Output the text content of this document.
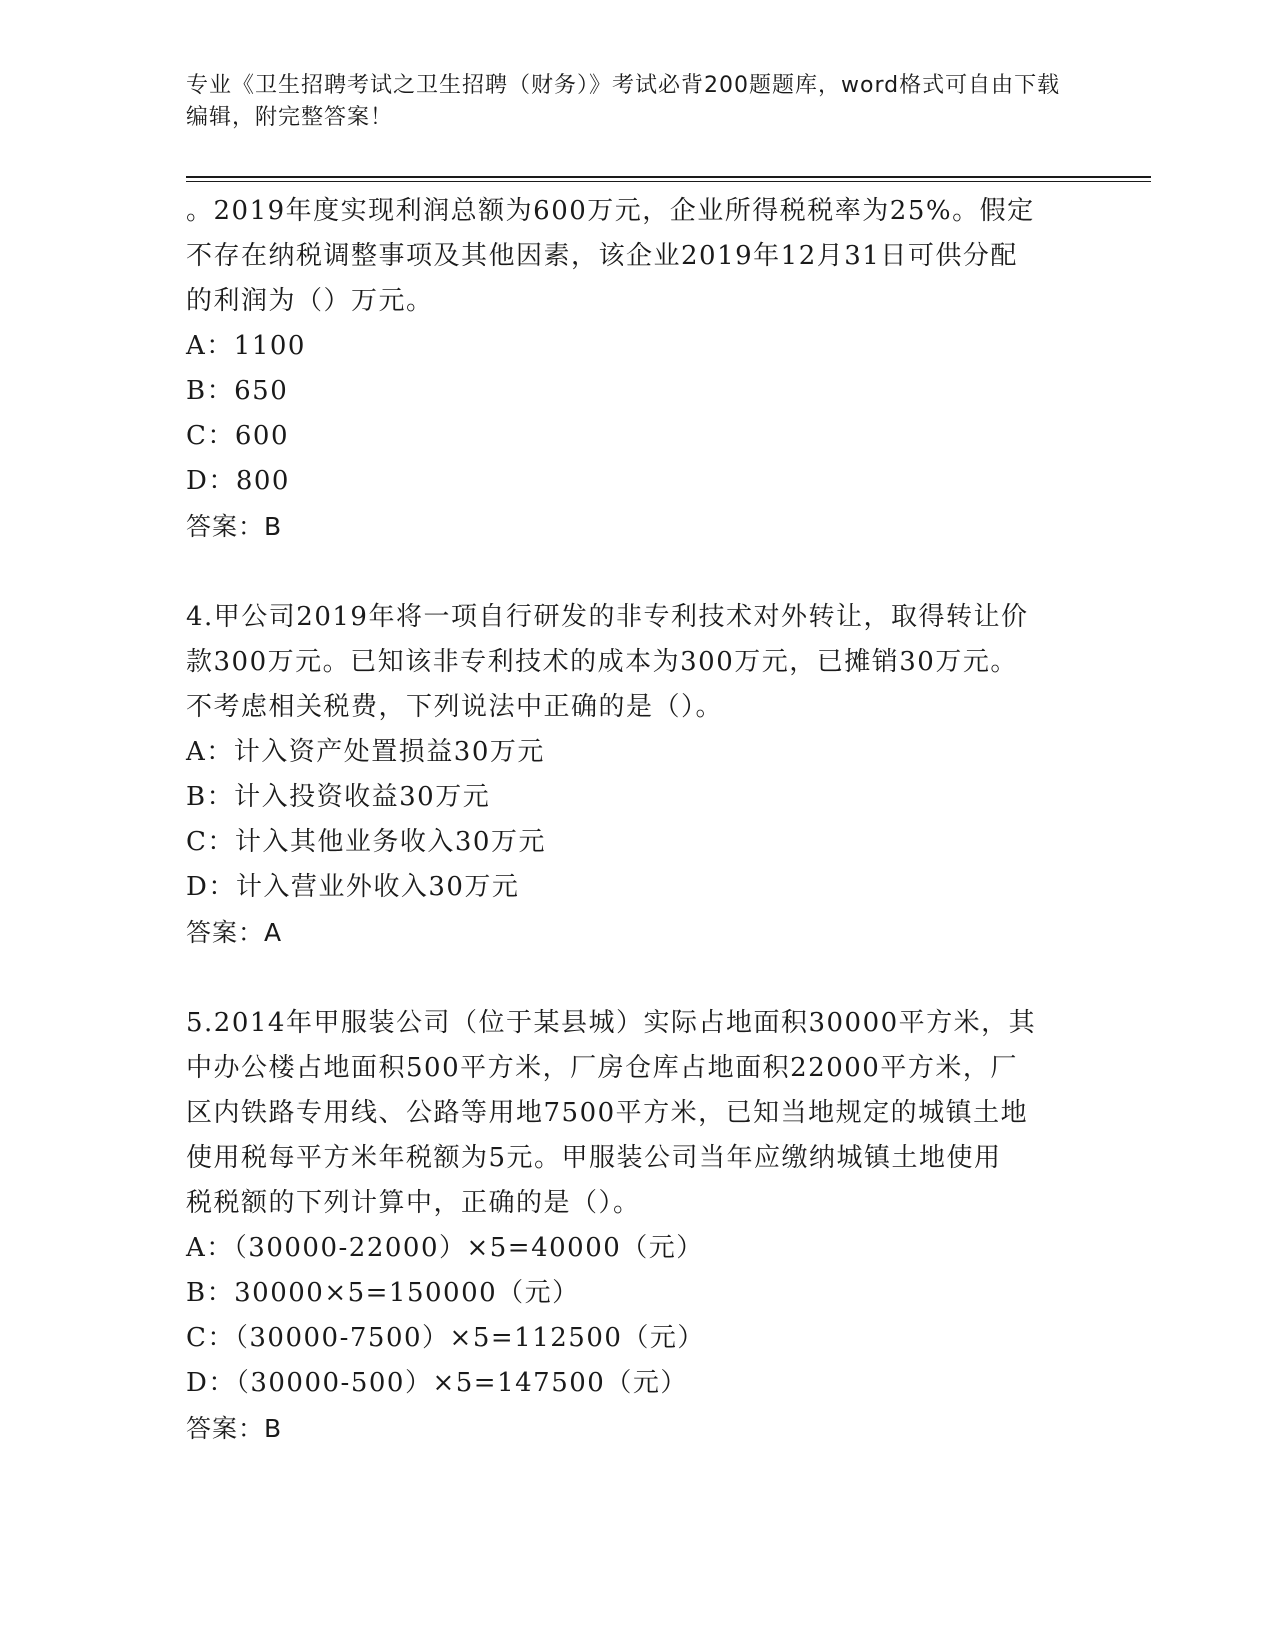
专业《卫生招聘考试之卫生招聘（财务）》考试必背200题题库，word格式可自由下载编辑，附完整答案！

。2019年度实现利润总额为600万元，企业所得税税率为25%。假定

不存在纳税调整事项及其他因素，该企业2019年12月31日可供分配

的利润为（）万元。

A：1100

B：650

C：600

D：800

答案：B

4.甲公司2019年将一项自行研发的非专利技术对外转让，取得转让价

款300万元。已知该非专利技术的成本为300万元，已摊销30万元。

不考虑相关税费，下列说法中正确的是（）。

A：计入资产处置损益30万元

B：计入投资收益30万元

C：计入其他业务收入30万元

D：计入营业外收入30万元

答案：A

5.2014年甲服装公司（位于某县城）实际占地面积30000平方米，其

中办公楼占地面积500平方米，厂房仓库占地面积22000平方米，厂

区内铁路专用线、公路等用地7500平方米，已知当地规定的城镇土地

使用税每平方米年税额为5元。甲服装公司当年应缴纳城镇土地使用

税税额的下列计算中，正确的是（）。

A：（30000-22000）×5=40000（元）

B：30000×5=150000（元）

C：（30000-7500）×5=112500（元）

D：（30000-500）×5=147500（元）

答案：B
